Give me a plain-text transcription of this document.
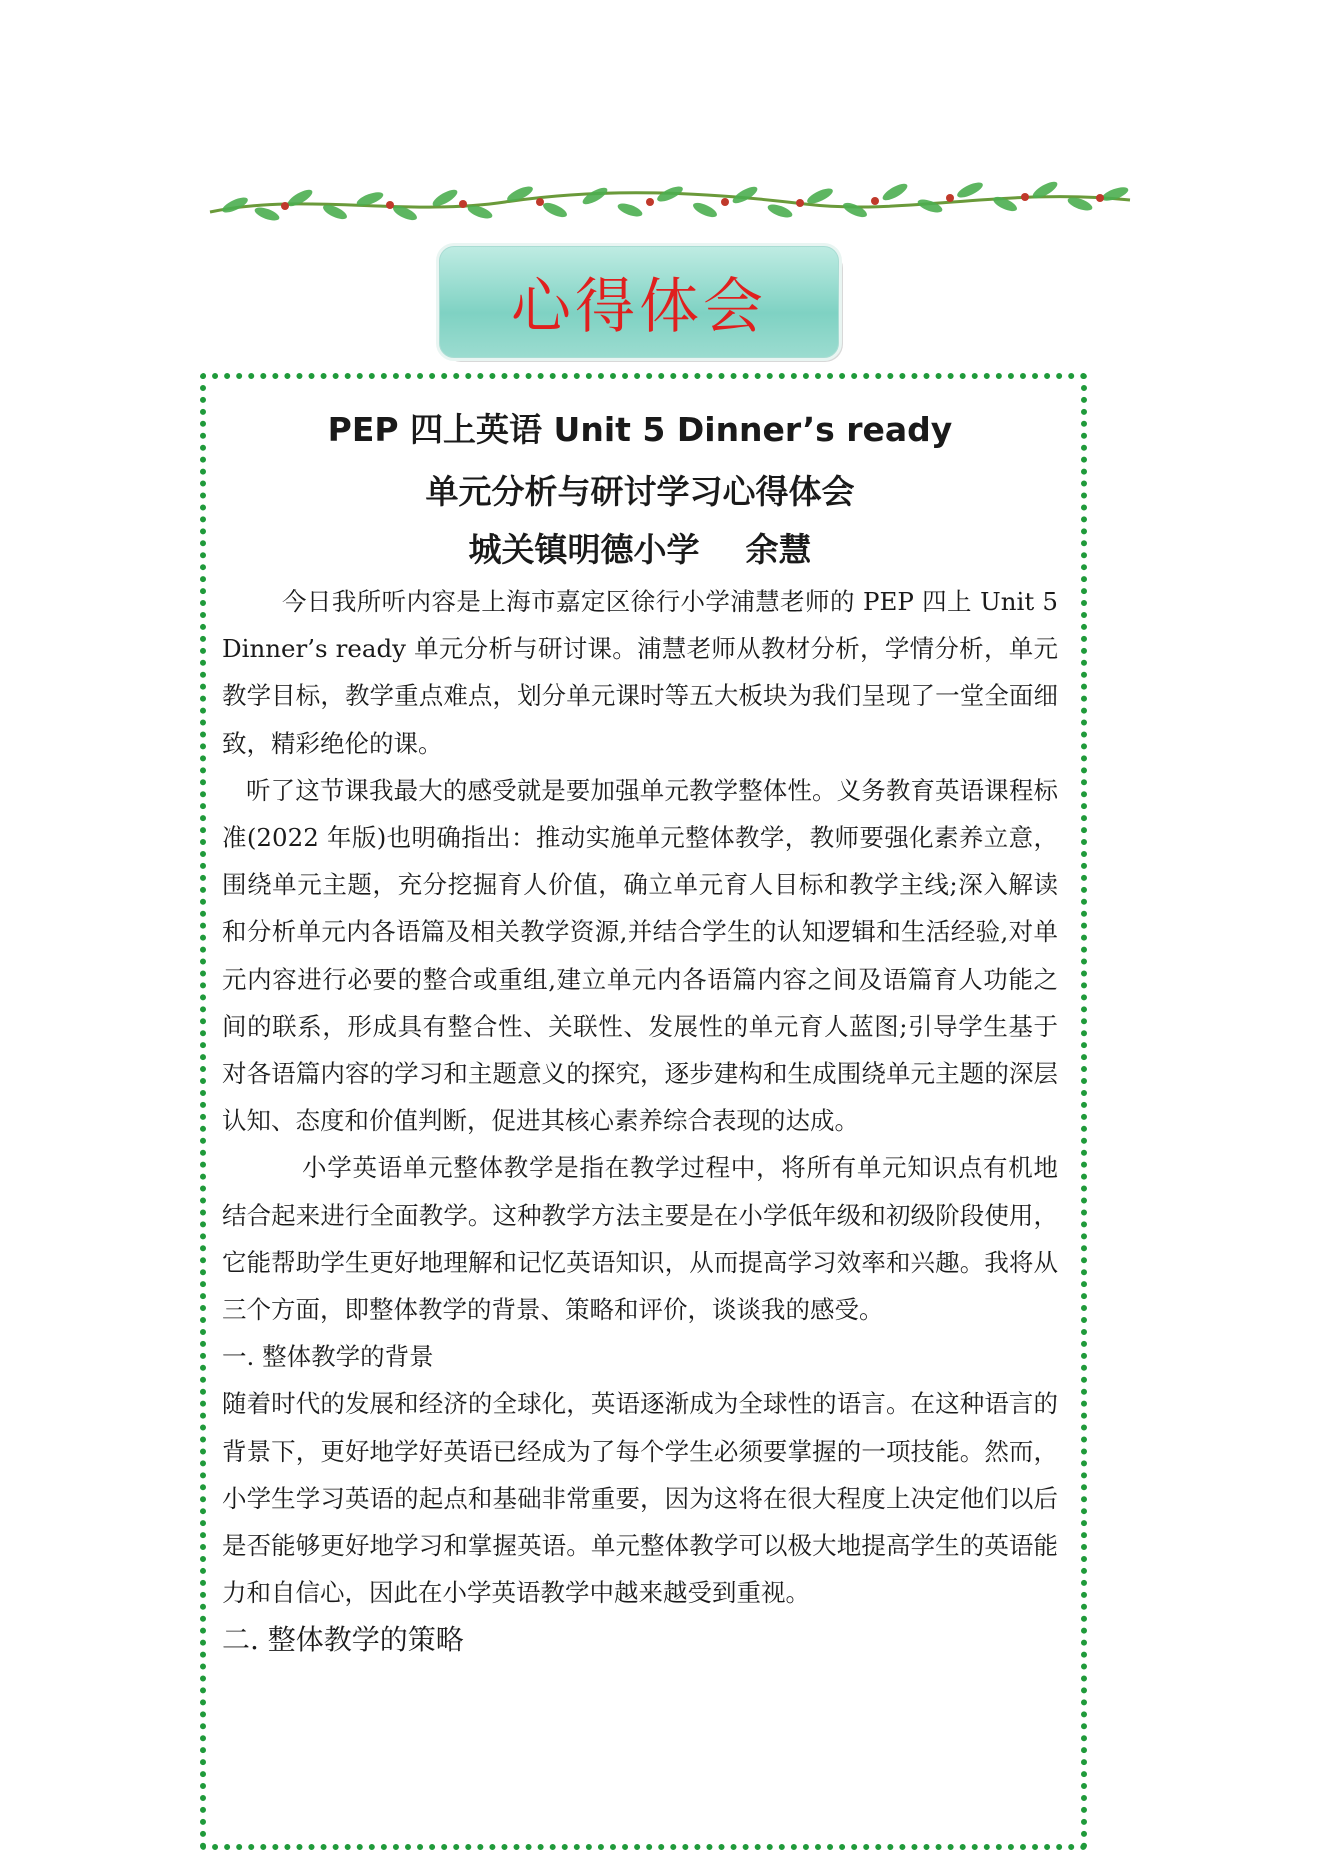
心得体会
PEP 四上英语 Unit 5 Dinner’s ready
单元分析与研讨学习心得体会
城关镇明德小学    余慧

今日我所听内容是上海市嘉定区徐行小学浦慧老师的 PEP 四上 Unit 5 Dinner’s ready 单元分析与研讨课。浦慧老师从教材分析，学情分析，单元教学目标，教学重点难点，划分单元课时等五大板块为我们呈现了一堂全面细致，精彩绝伦的课。

听了这节课我最大的感受就是要加强单元教学整体性。义务教育英语课程标准(2022 年版)也明确指出：推动实施单元整体教学，教师要强化素养立意，围绕单元主题，充分挖掘育人价值，确立单元育人目标和教学主线;深入解读和分析单元内各语篇及相关教学资源,并结合学生的认知逻辑和生活经验,对单元内容进行必要的整合或重组,建立单元内各语篇内容之间及语篇育人功能之间的联系，形成具有整合性、关联性、发展性的单元育人蓝图;引导学生基于对各语篇内容的学习和主题意义的探究，逐步建构和生成围绕单元主题的深层认知、态度和价值判断，促进其核心素养综合表现的达成。

小学英语单元整体教学是指在教学过程中，将所有单元知识点有机地结合起来进行全面教学。这种教学方法主要是在小学低年级和初级阶段使用，它能帮助学生更好地理解和记忆英语知识，从而提高学习效率和兴趣。我将从三个方面，即整体教学的背景、策略和评价，谈谈我的感受。

一. 整体教学的背景

随着时代的发展和经济的全球化，英语逐渐成为全球性的语言。在这种语言的背景下，更好地学好英语已经成为了每个学生必须要掌握的一项技能。然而，小学生学习英语的起点和基础非常重要，因为这将在很大程度上决定他们以后是否能够更好地学习和掌握英语。单元整体教学可以极大地提高学生的英语能力和自信心，因此在小学英语教学中越来越受到重视。

二. 整体教学的策略
